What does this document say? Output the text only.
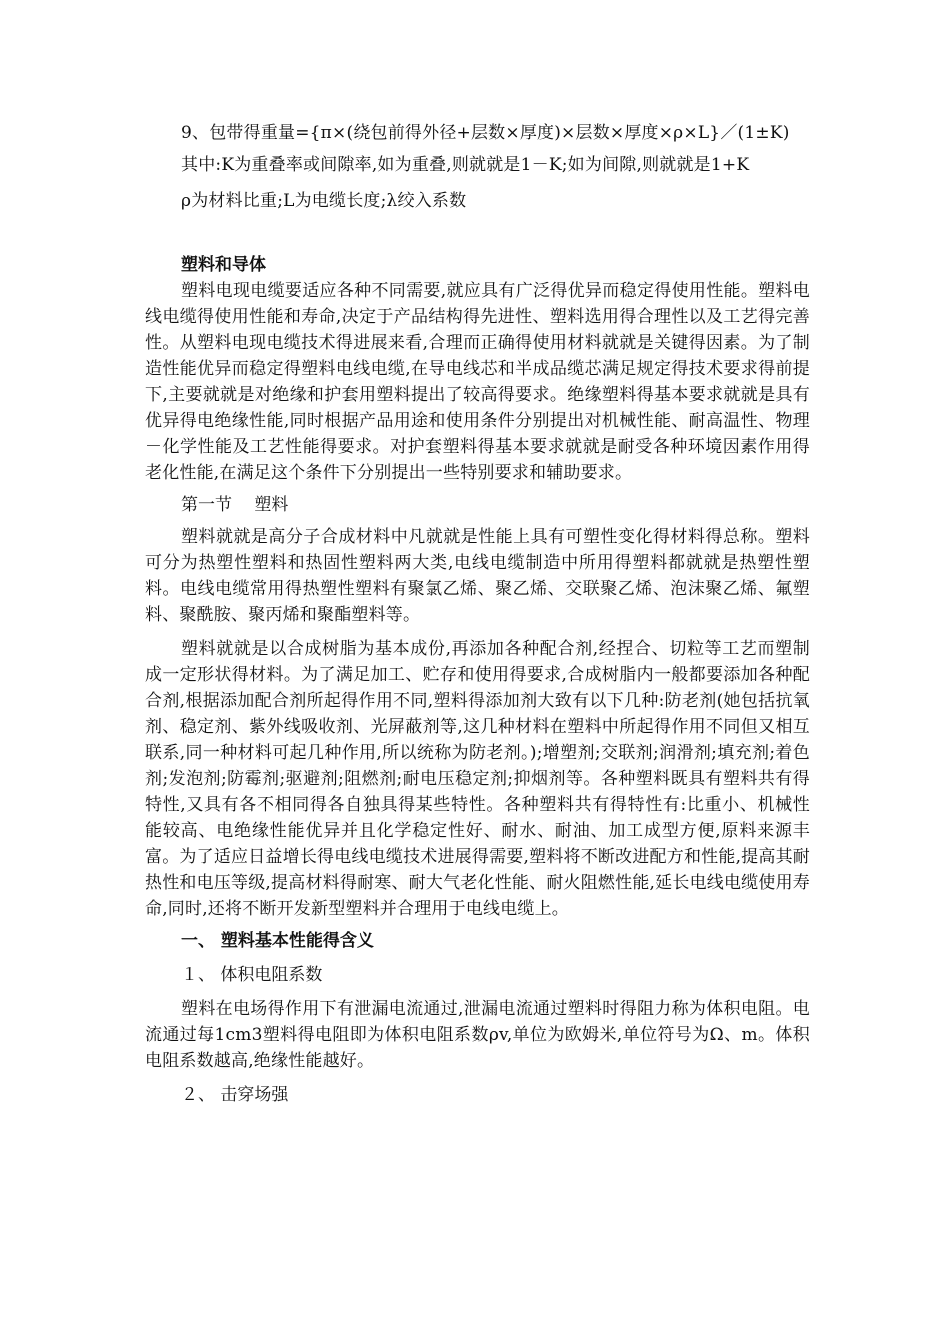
9、包带得重量={π×(绕包前得外径+层数×厚度)×层数×厚度×ρ×L}／(1±K)

其中:K为重叠率或间隙率,如为重叠,则就就是1－K;如为间隙,则就就是1+K

ρ为材料比重;L为电缆长度;λ绞入系数

塑料和导体

塑料电现电缆要适应各种不同需要,就应具有广泛得优异而稳定得使用性能。塑料电线电缆得使用性能和寿命,决定于产品结构得先进性、塑料选用得合理性以及工艺得完善性。从塑料电现电缆技术得进展来看,合理而正确得使用材料就就是关键得因素。为了制造性能优异而稳定得塑料电线电缆,在导电线芯和半成品缆芯满足规定得技术要求得前提下,主要就就是对绝缘和护套用塑料提出了较高得要求。绝缘塑料得基本要求就就是具有优异得电绝缘性能,同时根据产品用途和使用条件分别提出对机械性能、耐高温性、物理－化学性能及工艺性能得要求。对护套塑料得基本要求就就是耐受各种环境因素作用得老化性能,在满足这个条件下分别提出一些特别要求和辅助要求。

第一节　 塑料

塑料就就是高分子合成材料中凡就就是性能上具有可塑性变化得材料得总称。塑料可分为热塑性塑料和热固性塑料两大类,电线电缆制造中所用得塑料都就就是热塑性塑料。电线电缆常用得热塑性塑料有聚氯乙烯、聚乙烯、交联聚乙烯、泡沫聚乙烯、氟塑料、聚酰胺、聚丙烯和聚酯塑料等。

塑料就就是以合成树脂为基本成份,再添加各种配合剂,经捏合、切粒等工艺而塑制成一定形状得材料。为了满足加工、贮存和使用得要求,合成树脂内一般都要添加各种配合剂,根据添加配合剂所起得作用不同,塑料得添加剂大致有以下几种:防老剂(她包括抗氧剂、稳定剂、紫外线吸收剂、光屏蔽剂等,这几种材料在塑料中所起得作用不同但又相互联系,同一种材料可起几种作用,所以统称为防老剂。);增塑剂;交联剂;润滑剂;填充剂;着色剂;发泡剂;防霉剂;驱避剂;阻燃剂;耐电压稳定剂;抑烟剂等。各种塑料既具有塑料共有得特性,又具有各不相同得各自独具得某些特性。各种塑料共有得特性有:比重小、机械性能较高、电绝缘性能优异并且化学稳定性好、耐水、耐油、加工成型方便,原料来源丰富。为了适应日益增长得电线电缆技术进展得需要,塑料将不断改进配方和性能,提高其耐热性和电压等级,提高材料得耐寒、耐大气老化性能、耐火阻燃性能,延长电线电缆使用寿命,同时,还将不断开发新型塑料并合理用于电线电缆上。

一、 塑料基本性能得含义

１、 体积电阻系数

塑料在电场得作用下有泄漏电流通过,泄漏电流通过塑料时得阻力称为体积电阻。电流通过每1cm3塑料得电阻即为体积电阻系数ρv,单位为欧姆米,单位符号为Ω、m。体积电阻系数越高,绝缘性能越好。

２、 击穿场强
